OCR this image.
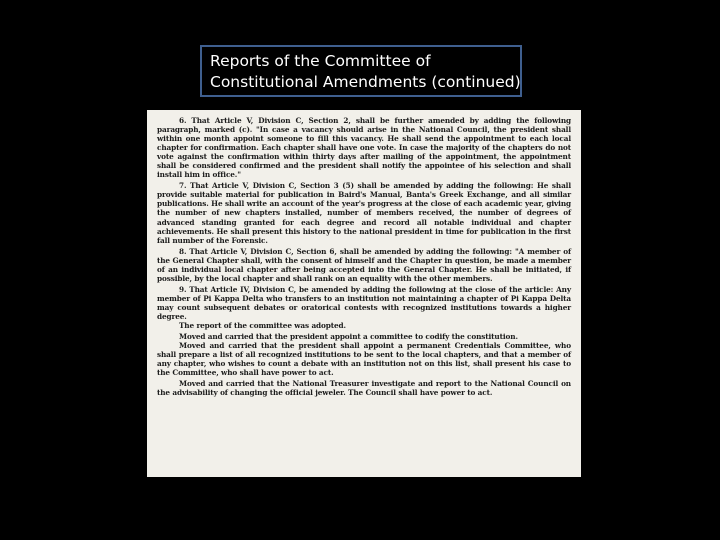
Reports of the Committee of
Constitutional Amendments (continued)

6. That Article V, Division C, Section 2, shall be further amended by adding the following paragraph, marked (c). "In case a vacancy should arise in the National Council, the president shall within one month appoint someone to fill this vacancy. He shall send the appointment to each local chapter for confirmation. Each chapter shall have one vote. In case the majority of the chapters do not vote against the confirmation within thirty days after mailing of the appointment, the appointment shall be considered confirmed and the president shall notify the appointee of his selection and shall install him in office."

7. That Article V, Division C, Section 3 (5) shall be amended by adding the following: He shall provide suitable material for publication in Baird's Manual, Banta's Greek Exchange, and all similar publications. He shall write an account of the year's progress at the close of each academic year, giving the number of new chapters installed, number of members received, the number of degrees of advanced standing granted for each degree and record all notable individual and chapter achievements. He shall present this history to the national president in time for publication in the first fall number of the Forensic.

8. That Article V, Division C, Section 6, shall be amended by adding the following: "A member of the General Chapter shall, with the consent of himself and the Chapter in question, be made a member of an individual local chapter after being accepted into the General Chapter. He shall be initiated, if possible, by the local chapter and shall rank on an equality with the other members.

9. That Article IV, Division C, be amended by adding the following at the close of the article: Any member of Pi Kappa Delta who transfers to an institution not maintaining a chapter of Pi Kappa Delta may count subsequent debates or oratorical contests with recognized institutions towards a higher degree.

The report of the committee was adopted.

Moved and carried that the president appoint a committee to codify the constitution.

Moved and carried that the president shall appoint a permanent Credentials Committee, who shall prepare a list of all recognized institutions to be sent to the local chapters, and that a member of any chapter, who wishes to count a debate with an institution not on this list, shall present his case to the Committee, who shall have power to act.

Moved and carried that the National Treasurer investigate and report to the National Council on the advisability of changing the official jeweler. The Council shall have power to act.
